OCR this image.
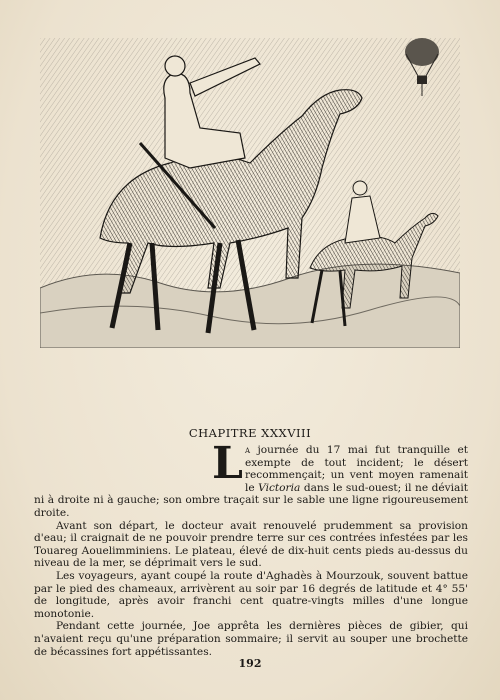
CHAPITRE XXXVIII

La journée du 17 mai fut tranquille et exempte de tout incident; le désert recommençait; un vent moyen ramenait le Victoria dans le sud-ouest; il ne déviait ni à droite ni à gauche; son ombre traçait sur le sable une ligne rigoureusement droite.

Avant son départ, le docteur avait renouvelé prudemment sa provision d'eau; il craignait de ne pouvoir prendre terre sur ces contrées infestées par les Touareg Aouelimminiens. Le plateau, élevé de dix-huit cents pieds au-dessus du niveau de la mer, se déprimait vers le sud.

Les voyageurs, ayant coupé la route d'Aghadès à Mourzouk, souvent battue par le pied des chameaux, arrivèrent au soir par 16 degrés de latitude et 4° 55' de longitude, après avoir franchi cent quatre-vingts milles d'une longue monotonie.

Pendant cette journée, Joe apprêta les dernières pièces de gibier, qui n'avaient reçu qu'une préparation sommaire; il servit au souper une brochette de bécassines fort appétissantes.

192
